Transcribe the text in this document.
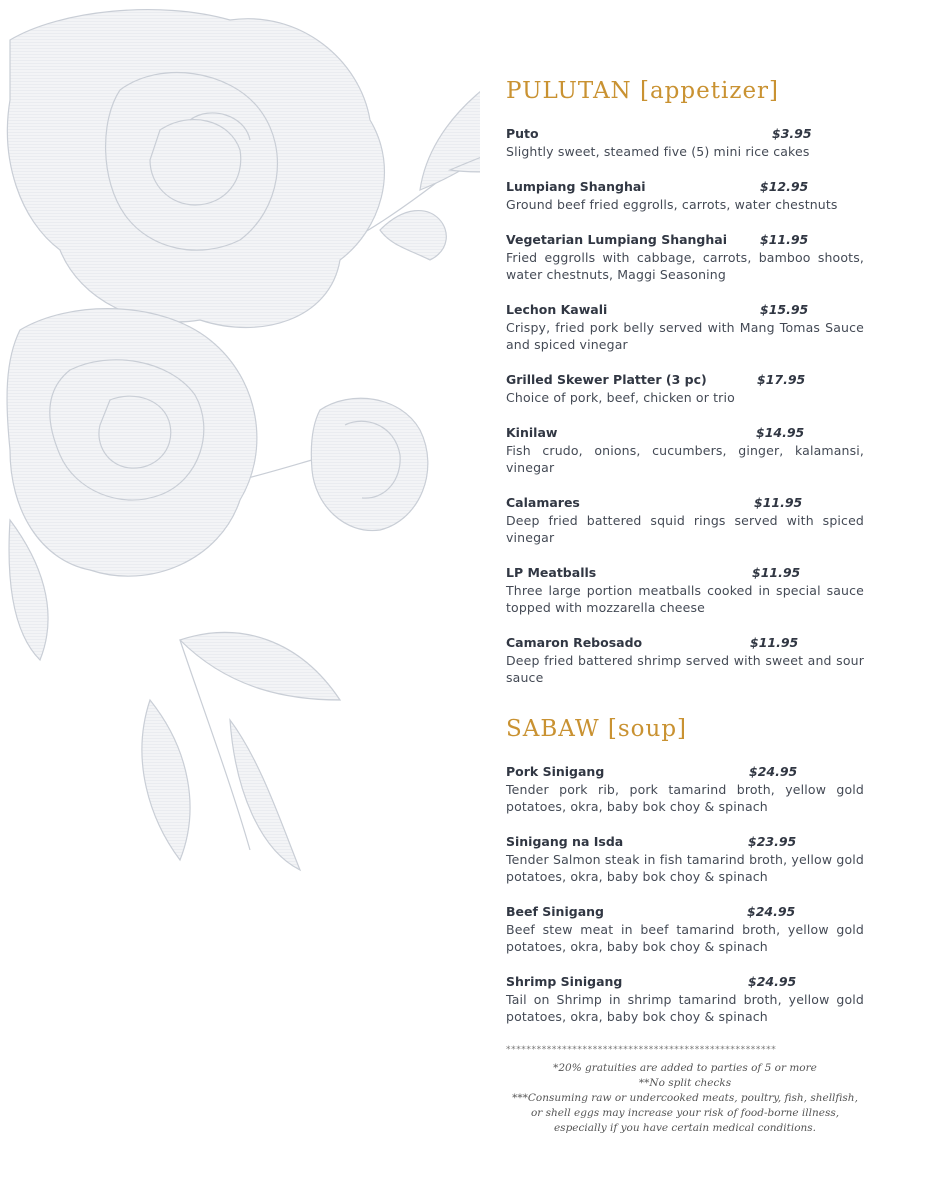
PULUTAN [appetizer]
Puto	$3.95
Slightly sweet, steamed five (5) mini rice cakes
Lumpiang Shanghai	$12.95
Ground beef fried eggrolls, carrots, water chestnuts
Vegetarian Lumpiang Shanghai	$11.95
Fried eggrolls with cabbage, carrots, bamboo shoots, water chestnuts, Maggi Seasoning
Lechon Kawali	$15.95
Crispy, fried pork belly served with Mang Tomas Sauce and spiced vinegar
Grilled Skewer Platter (3 pc)	$17.95
Choice of pork, beef, chicken or trio
Kinilaw	$14.95
Fish crudo, onions, cucumbers, ginger, kalamansi, vinegar
Calamares	$11.95
Deep fried battered squid rings served with spiced vinegar
LP Meatballs	$11.95
Three large portion meatballs cooked in special sauce topped with mozzarella cheese
Camaron Rebosado	$11.95
Deep fried battered shrimp served with sweet and sour sauce
SABAW [soup]
Pork Sinigang	$24.95
Tender pork rib, pork tamarind broth, yellow gold potatoes, okra, baby bok choy & spinach
Sinigang na Isda	$23.95
Tender Salmon steak in fish tamarind broth, yellow gold potatoes, okra, baby bok choy & spinach
Beef Sinigang	$24.95
Beef stew meat in beef tamarind broth, yellow gold potatoes, okra, baby bok choy & spinach
Shrimp Sinigang	$24.95
Tail on Shrimp in shrimp tamarind broth, yellow gold potatoes, okra, baby bok choy & spinach
*****************************************************
*20% gratuities are added to parties of 5 or more
**No split checks
***Consuming raw or undercooked meats, poultry, fish, shellfish, or shell eggs may increase your risk of food-borne illness, especially if you have certain medical conditions.
